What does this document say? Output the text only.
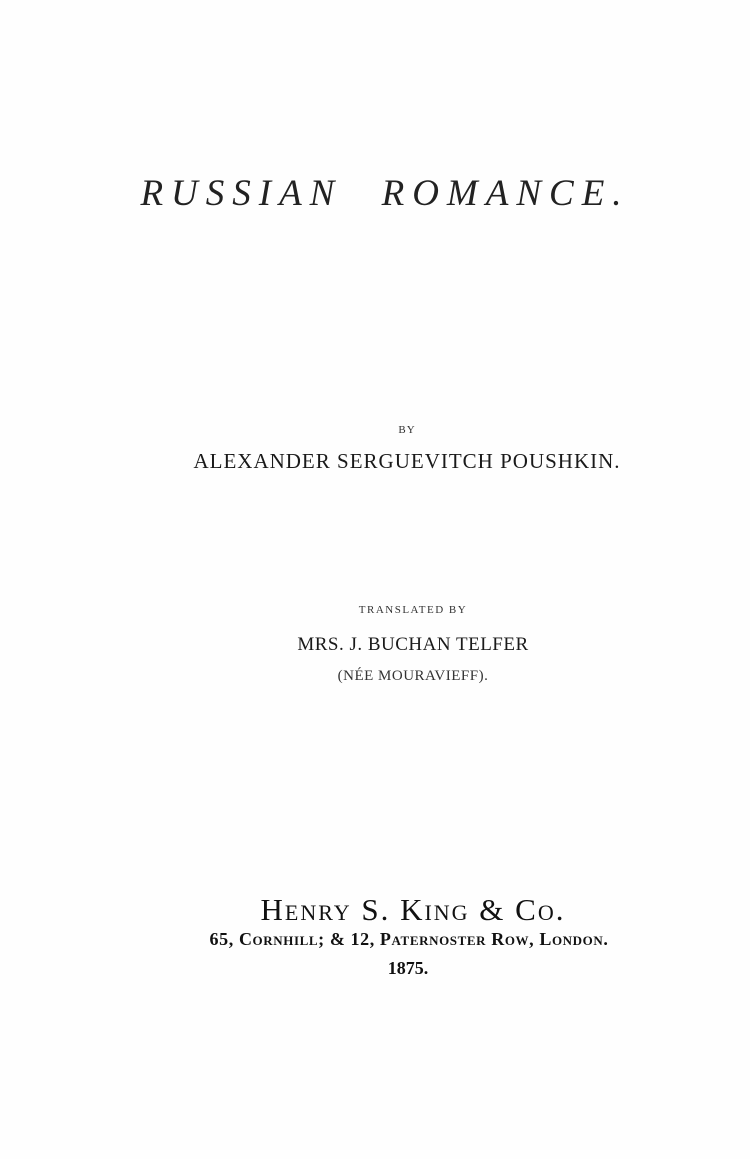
RUSSIAN ROMANCE.
BY
ALEXANDER SERGUEVITCH POUSHKIN.
TRANSLATED BY
MRS. J. BUCHAN TELFER
(NÉE MOURAVIEFF).
Henry S. King & Co.
65, Cornhill; & 12, Paternoster Row, London.
1875.
